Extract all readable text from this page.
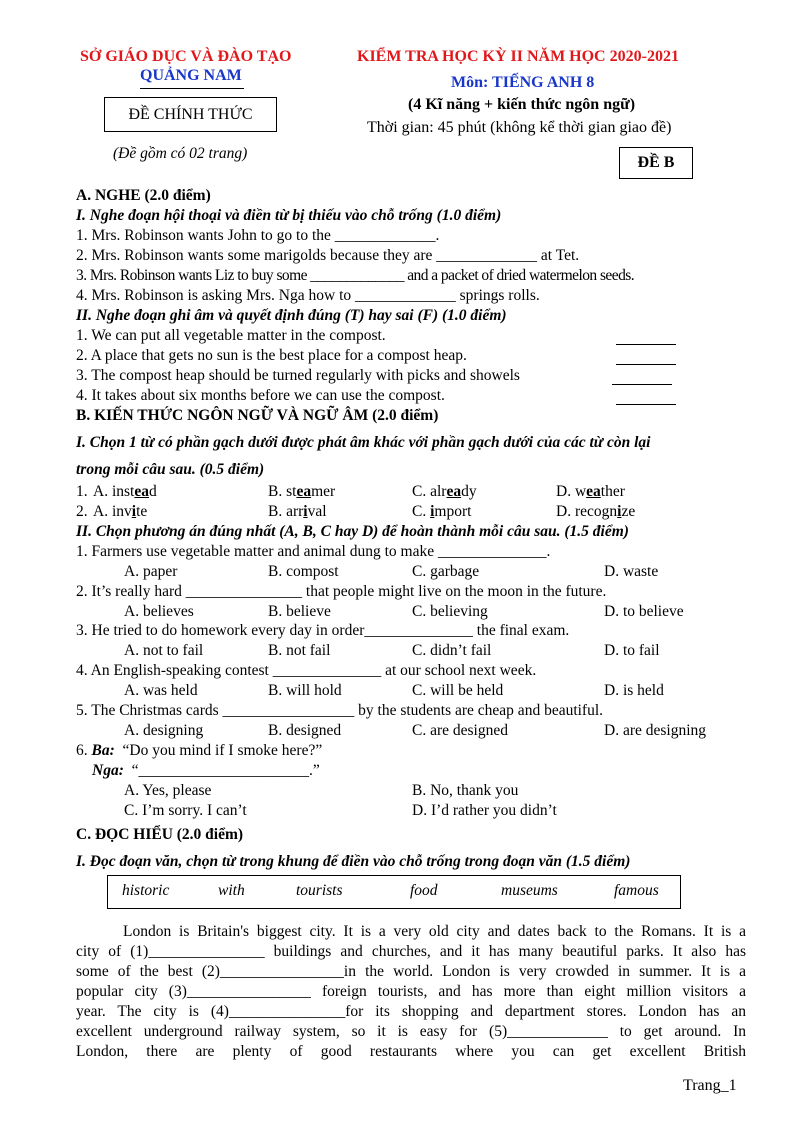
SỞ GIÁO DỤC VÀ ĐÀO TẠO
QUẢNG NAM
ĐỀ CHÍNH THỨC
(Đề gồm có 02 trang)
KIỂM TRA HỌC KỲ II NĂM HỌC 2020-2021
Môn: TIẾNG ANH 8
(4 Kĩ năng + kiến thức ngôn ngữ)
Thời gian: 45 phút (không kể thời gian giao đề)
ĐỀ B
A. NGHE (2.0 điểm)
I. Nghe đoạn hội thoại và điền từ bị thiếu vào chỗ trống (1.0 điểm)
1. Mrs. Robinson wants John to go to the _____________.
2. Mrs. Robinson wants some marigolds because they are _____________ at Tet.
3. Mrs. Robinson wants Liz to buy some _____________ and a packet of dried watermelon seeds.
4. Mrs. Robinson is asking Mrs. Nga how to _____________ springs rolls.
II. Nghe đoạn ghi âm và quyết định đúng (T) hay sai (F) (1.0 điểm)
1. We can put all vegetable matter in the compost.
2. A place that gets no sun is the best place for a compost heap.
3. The compost heap should be turned regularly with picks and showels
4. It takes about six months before we can use the compost.
B. KIẾN THỨC NGÔN NGỮ VÀ NGỮ ÂM (2.0 điểm)
I. Chọn 1 từ có phần gạch dưới được phát âm khác với phần gạch dưới của các từ còn lại
trong mỗi câu sau. (0.5 điểm)
1. A. instead	B. steamer	C. already	D. weather
2. A. invite	B. arrival	C. import	D. recognize
II. Chọn phương án đúng nhất (A, B, C hay D) để hoàn thành mỗi câu sau. (1.5 điểm)
1. Farmers use vegetable matter and animal dung to make ______________.
A. paper	B. compost	C. garbage	D. waste
2. It’s really hard _______________ that people might live on the moon in the future.
A. believes	B. believe	C. believing	D. to believe
3. He tried to do homework every day in order______________ the final exam.
A. not to fail	B. not fail	C. didn’t fail	D. to fail
4. An English-speaking contest ______________ at our school next week.
A. was held	B. will hold	C. will be held	D. is held
5. The Christmas cards _________________ by the students are cheap and beautiful.
A. designing	B. designed	C. are designed	D. are designing
6. Ba: “Do you mind if I smoke here?”
Nga: “______________________.”
A. Yes, please	B. No, thank you
C. I’m sorry. I can’t	D. I’d rather you didn’t
C. ĐỌC HIỂU (2.0 điểm)
I. Đọc đoạn văn, chọn từ trong khung để điền vào chỗ trống trong đoạn văn (1.5 điểm)
historic	with	tourists	food	museums	famous
London is Britain's biggest city. It is a very old city and dates back to the Romans. It is a
city of (1)_______________ buildings and churches, and it has many beautiful parks. It also has
some of the best (2)________________in the world. London is very crowded in summer. It is a
popular city (3)________________ foreign tourists, and has more than eight million visitors a
year. The city is (4)_______________for its shopping and department stores. London has an
excellent underground railway system, so it is easy for (5)_____________ to get around. In
London, there are plenty of good restaurants where you can get excellent British
Trang_1
